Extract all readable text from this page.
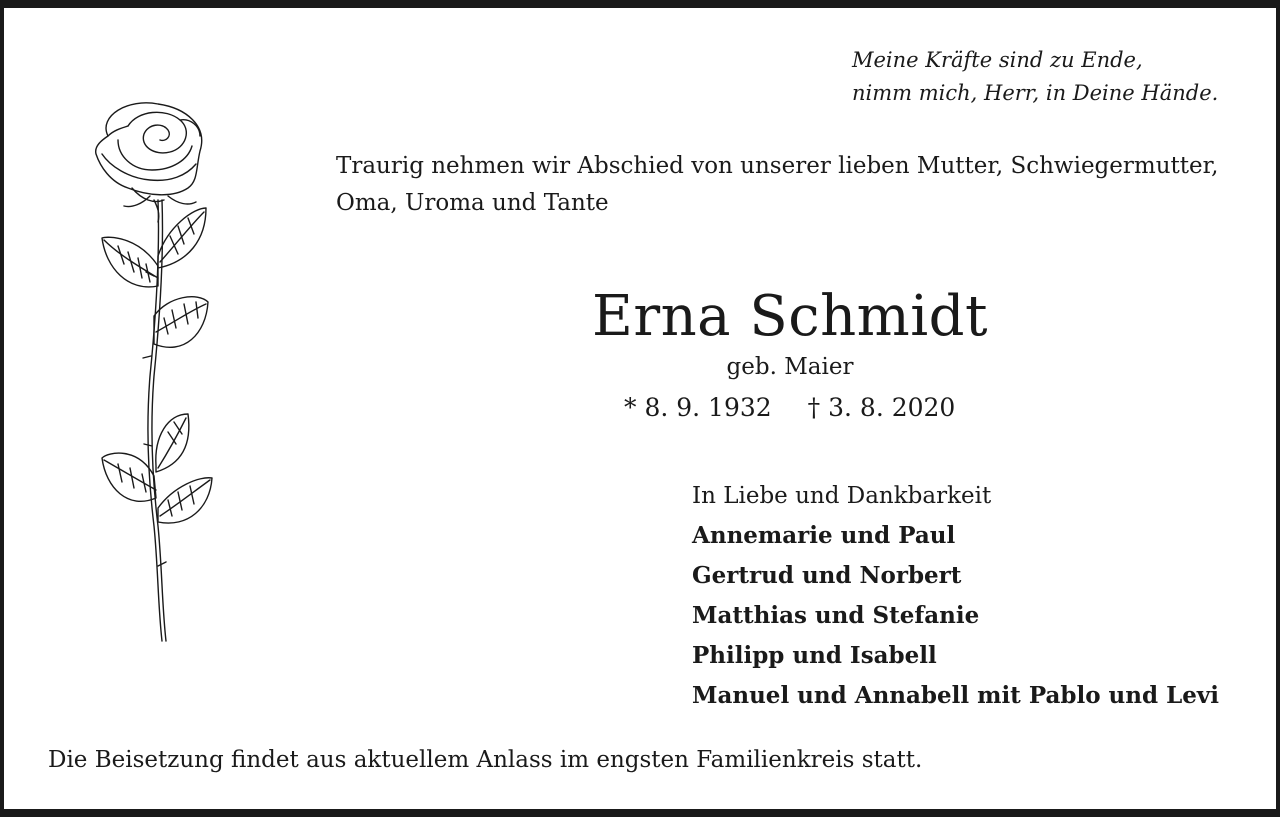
Meine Kräfte sind zu Ende,
nimm mich, Herr, in Deine Hände.
Traurig nehmen wir Abschied von unserer lieben Mutter, Schwiegermutter,
Oma, Uroma und Tante
Erna Schmidt
geb. Maier
* 8. 9. 1932 † 3. 8. 2020
In Liebe und Dankbarkeit
Annemarie und Paul
Gertrud und Norbert
Matthias und Stefanie
Philipp und Isabell
Manuel und Annabell mit Pablo und Levi
Die Beisetzung findet aus aktuellem Anlass im engsten Familienkreis statt.
